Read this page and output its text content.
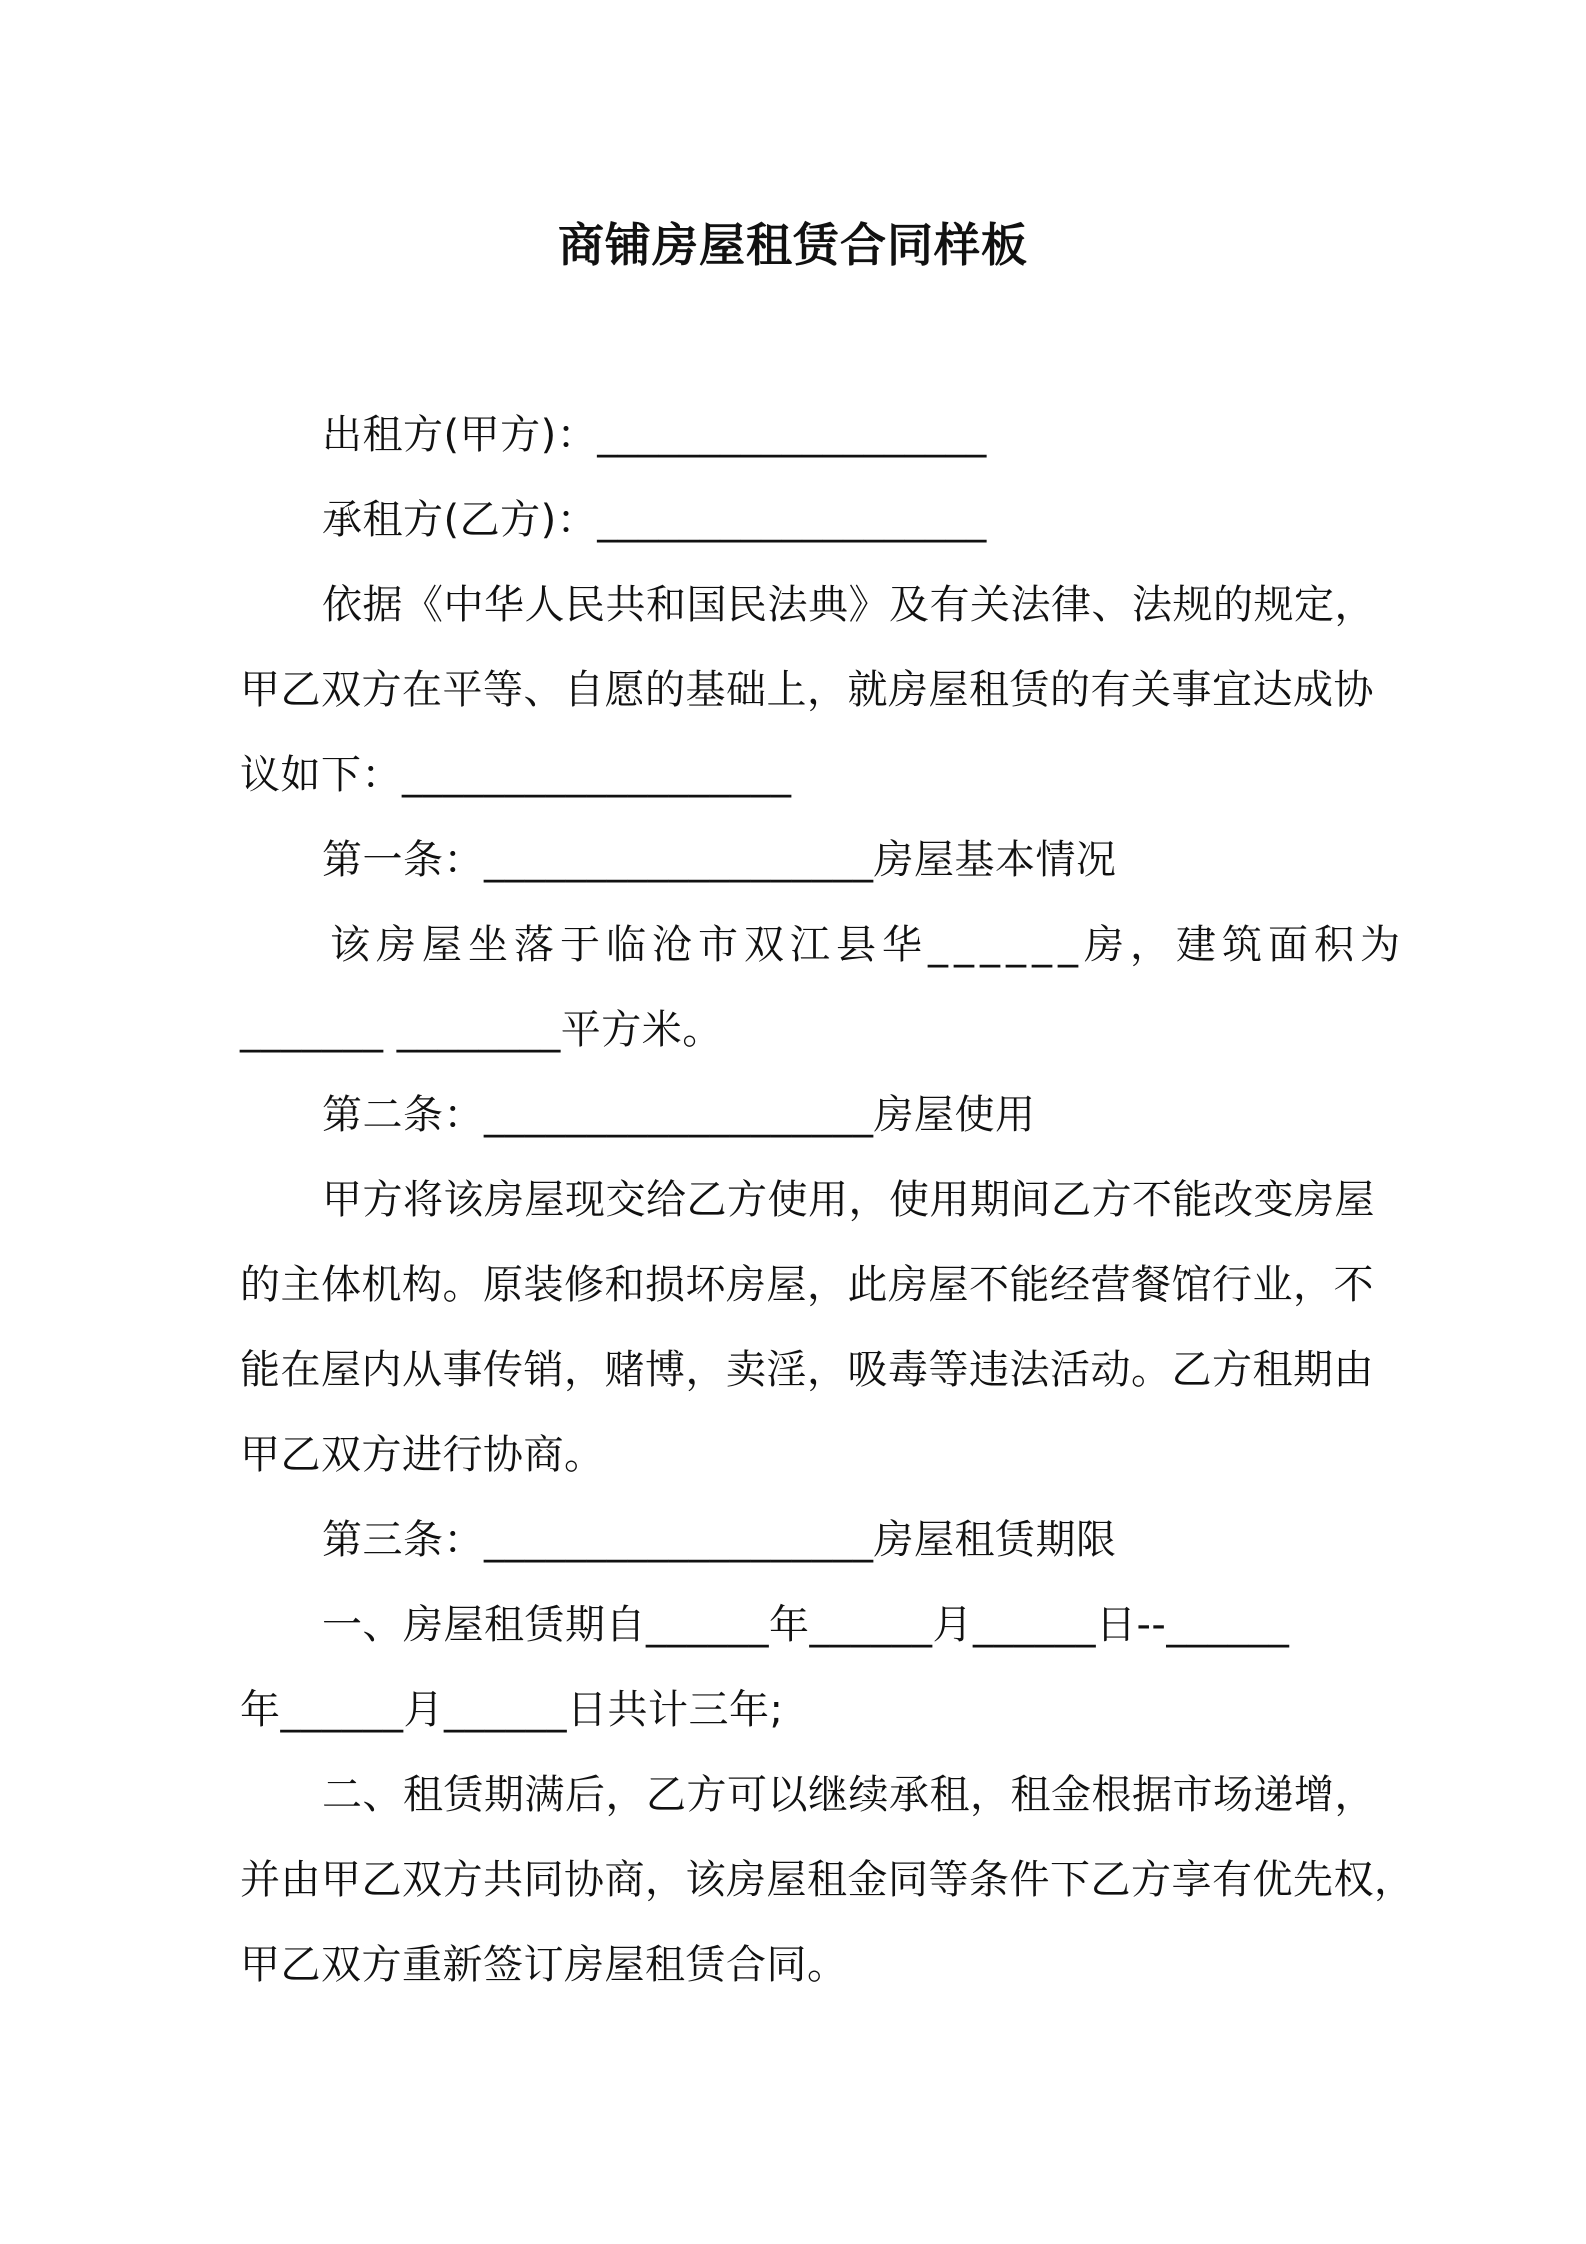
商铺房屋租赁合同样板
出租方(甲方)：___________________
承租方(乙方)：___________________
依据《中华人民共和国民法典》及有关法律、法规的规定，
甲乙双方在平等、自愿的基础上，就房屋租赁的有关事宜达成协
议如下：___________________
第一条：___________________房屋基本情况
该房屋坐落于临沧市双江县华______房，建筑面积为
_______ ________平方米。
第二条：___________________房屋使用
甲方将该房屋现交给乙方使用，使用期间乙方不能改变房屋
的主体机构。原装修和损坏房屋，此房屋不能经营餐馆行业，不
能在屋内从事传销，赌博，卖淫，吸毒等违法活动。乙方租期由
甲乙双方进行协商。
第三条：___________________房屋租赁期限
一、房屋租赁期自______年______月______日--______
年______月______日共计三年;
二、租赁期满后，乙方可以继续承租，租金根据市场递增，
并由甲乙双方共同协商，该房屋租金同等条件下乙方享有优先权，
甲乙双方重新签订房屋租赁合同。
